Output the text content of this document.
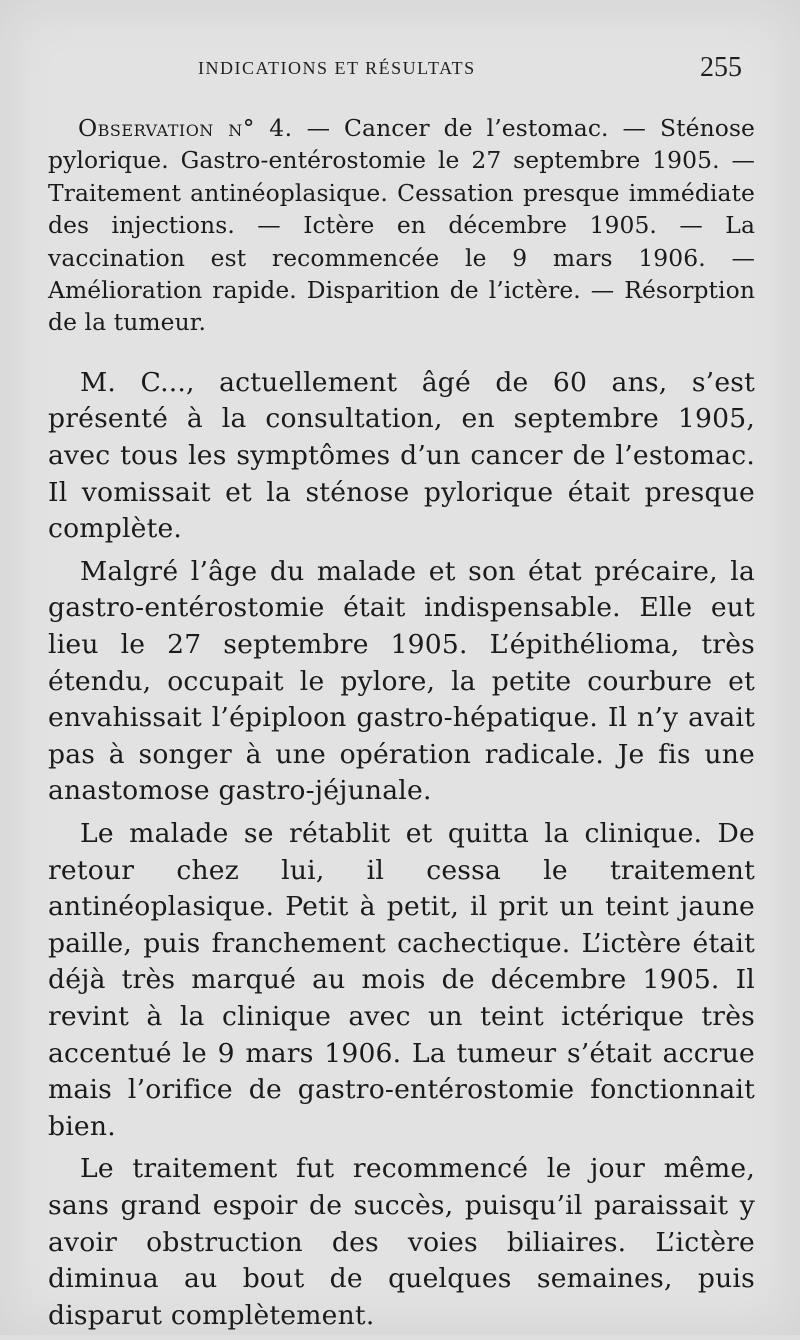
INDICATIONS ET RÉSULTATS	255

Observation n° 4. — Cancer de l’estomac. — Sténose pylorique. Gastro-entérostomie le 27 septembre 1905. — Traitement antinéoplasique. Cessation presque immédiate des injections. — Ictère en décembre 1905. — La vaccination est recommencée le 9 mars 1906. — Amélioration rapide. Disparition de l’ictère. — Résorption de la tumeur.

M. C..., actuellement âgé de 60 ans, s’est présenté à la consultation, en septembre 1905, avec tous les symptômes d’un cancer de l’estomac. Il vomissait et la sténose pylorique était presque complète.

Malgré l’âge du malade et son état précaire, la gastro-entérostomie était indispensable. Elle eut lieu le 27 septembre 1905. L’épithélioma, très étendu, occupait le pylore, la petite courbure et envahissait l’épiploon gastro-hépatique. Il n’y avait pas à songer à une opération radicale. Je fis une anastomose gastro-jéjunale.

Le malade se rétablit et quitta la clinique. De retour chez lui, il cessa le traitement antinéoplasique. Petit à petit, il prit un teint jaune paille, puis franchement cachectique. L’ictère était déjà très marqué au mois de décembre 1905. Il revint à la clinique avec un teint ictérique très accentué le 9 mars 1906. La tumeur s’était accrue mais l’orifice de gastro-entérostomie fonctionnait bien.

Le traitement fut recommencé le jour même, sans grand espoir de succès, puisqu’il paraissait y avoir obstruction des voies biliaires. L’ictère diminua au bout de quelques semaines, puis disparut complètement.
